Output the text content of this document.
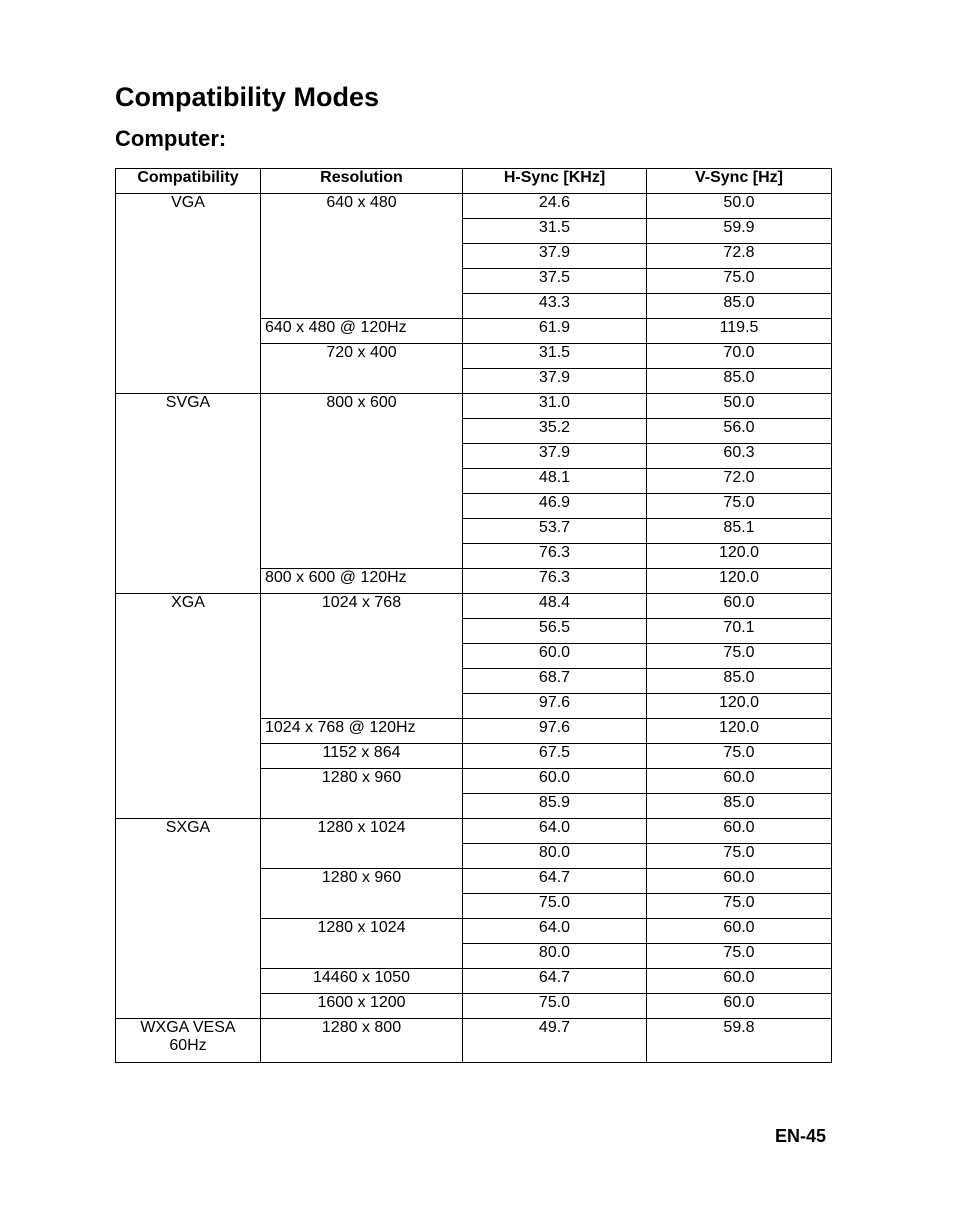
Compatibility Modes
Computer:
Compatibility	Resolution	H-Sync [KHz]	V-Sync [Hz]
VGA	640 x 480	24.6	50.0
		31.5	59.9
		37.9	72.8
		37.5	75.0
		43.3	85.0
	640 x 480 @ 120Hz	61.9	119.5
	720 x 400	31.5	70.0
		37.9	85.0
SVGA	800 x 600	31.0	50.0
		35.2	56.0
		37.9	60.3
		48.1	72.0
		46.9	75.0
		53.7	85.1
		76.3	120.0
	800 x 600 @ 120Hz	76.3	120.0
XGA	1024 x 768	48.4	60.0
		56.5	70.1
		60.0	75.0
		68.7	85.0
		97.6	120.0
	1024 x 768 @ 120Hz	97.6	120.0
	1152 x 864	67.5	75.0
	1280 x 960	60.0	60.0
		85.9	85.0
SXGA	1280 x 1024	64.0	60.0
		80.0	75.0
	1280 x 960	64.7	60.0
		75.0	75.0
	1280 x 1024	64.0	60.0
		80.0	75.0
	14460 x 1050	64.7	60.0
	1600 x 1200	75.0	60.0
WXGA VESA 60Hz	1280 x 800	49.7	59.8
EN-45
